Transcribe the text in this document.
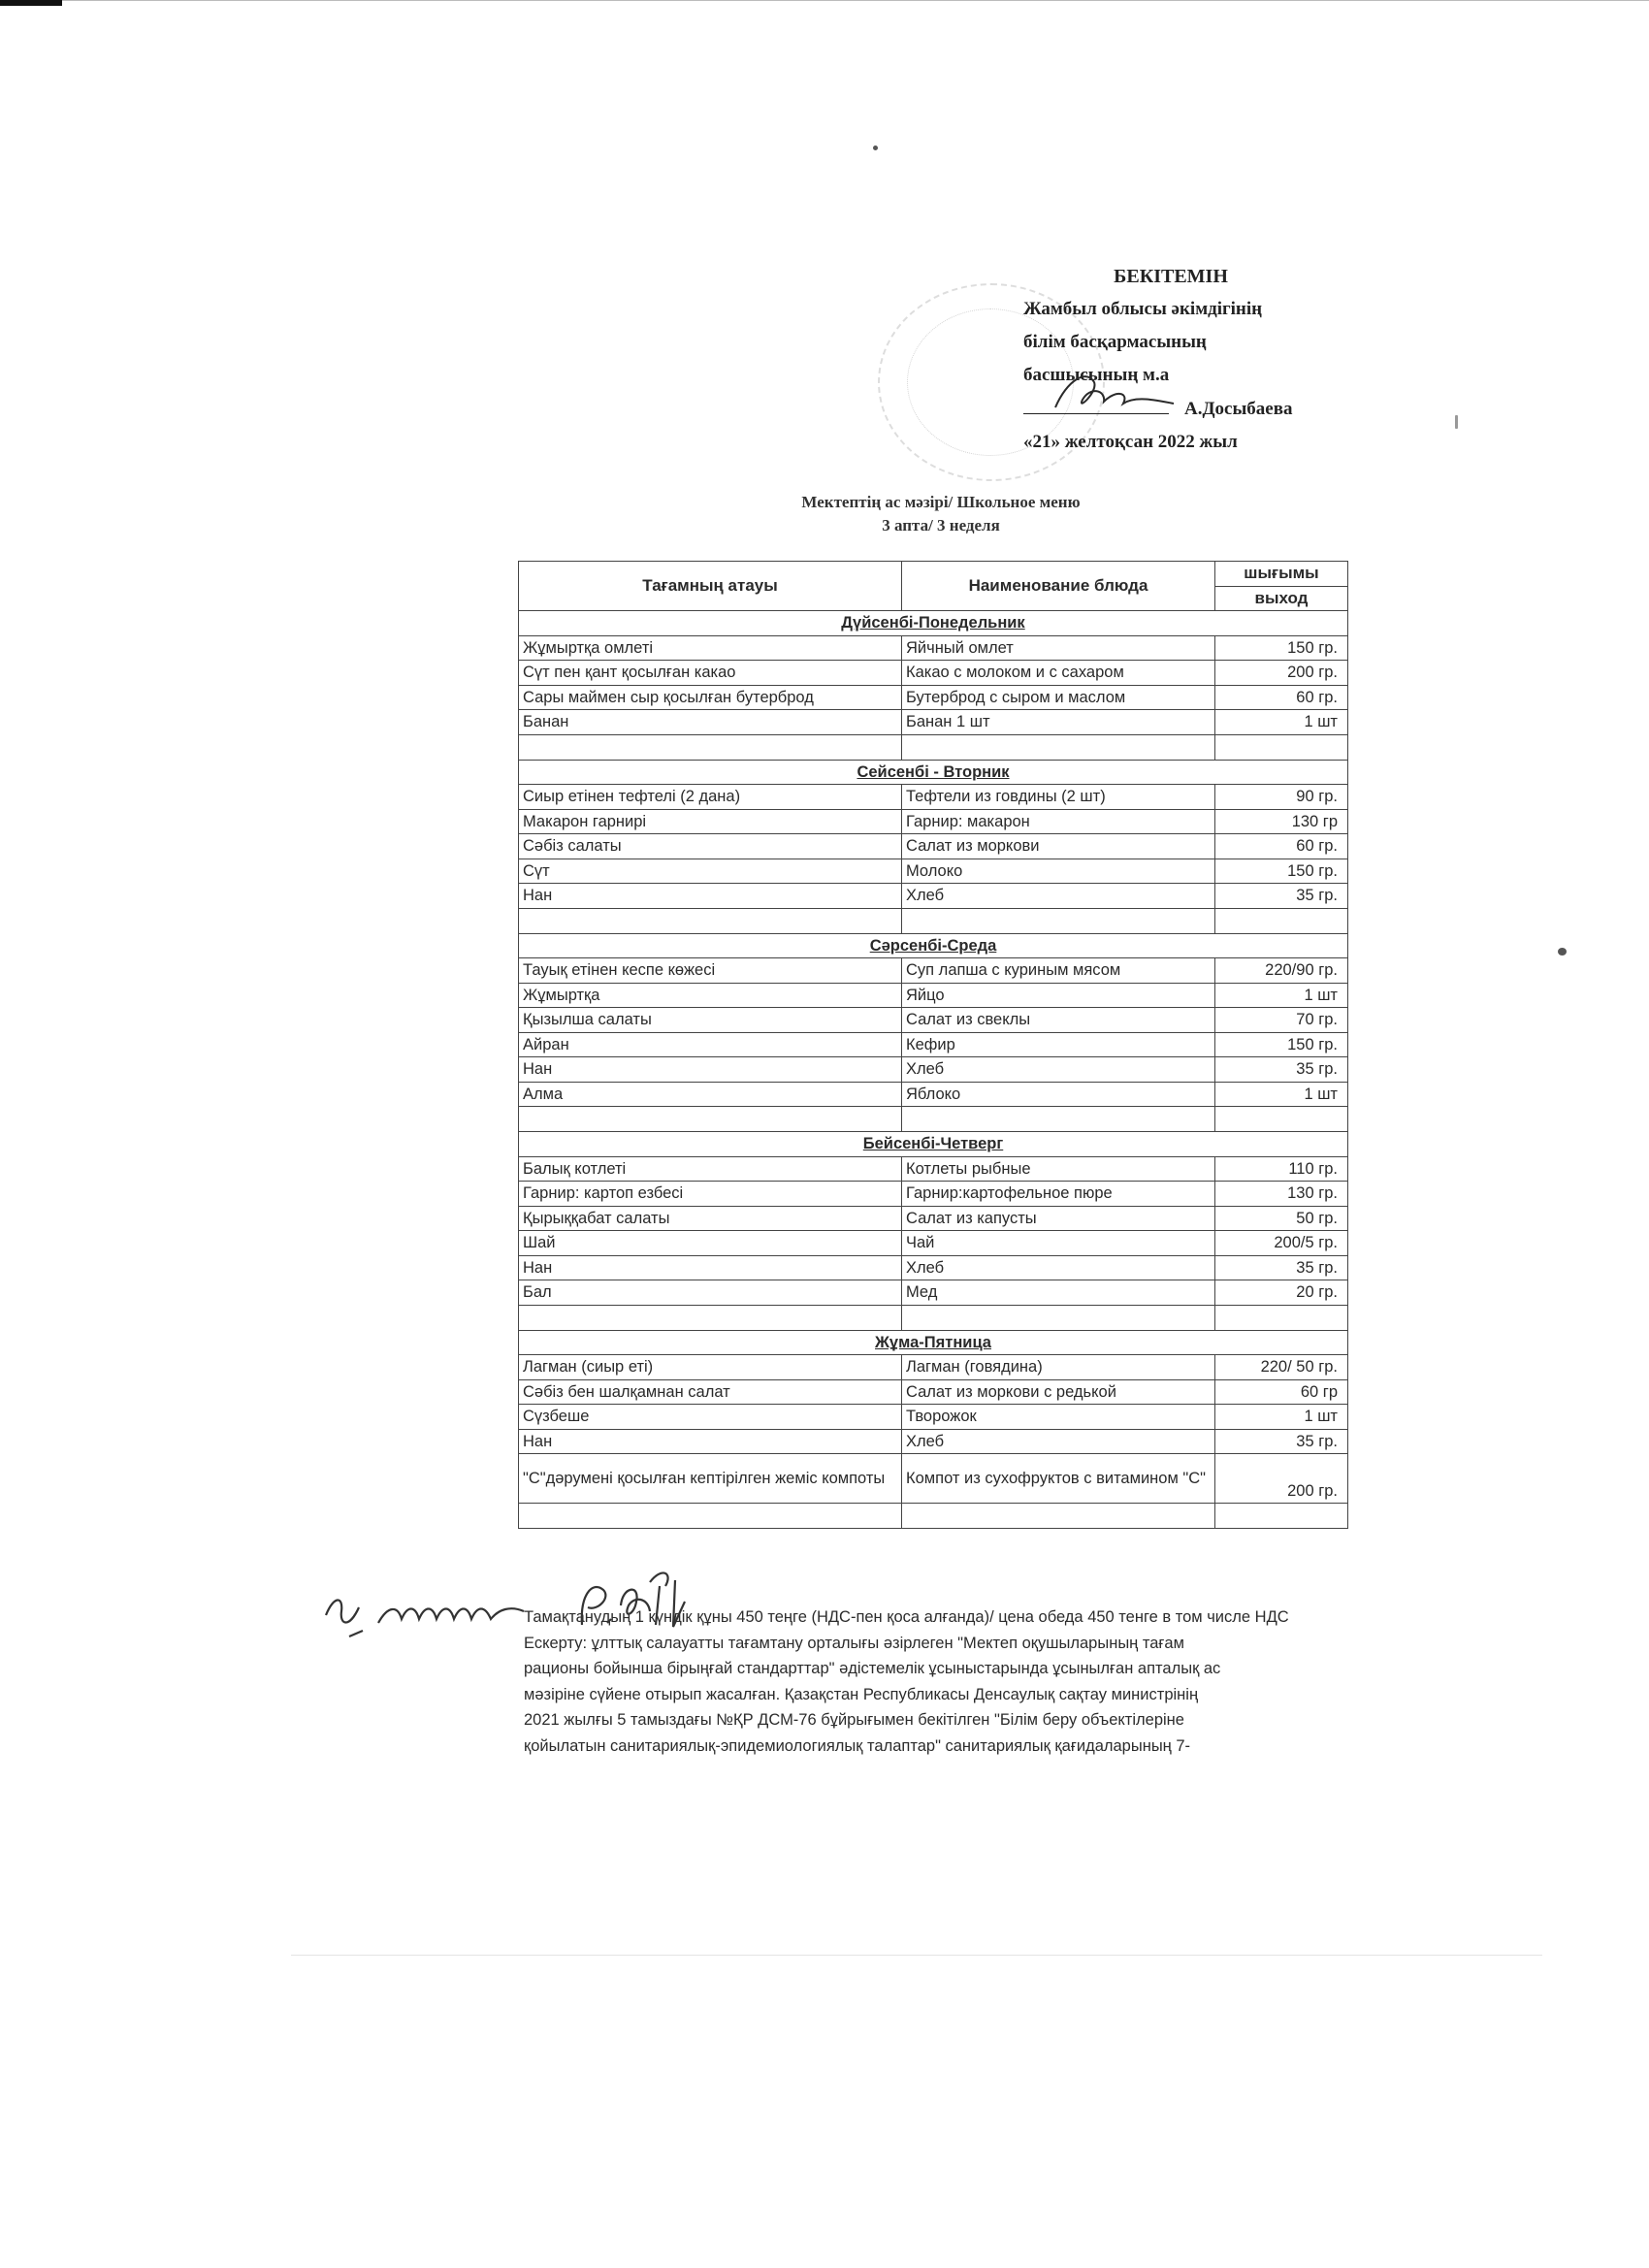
БЕКІТЕМІН
Жамбыл облысы әкімдігінің
білім басқармасының
басшысының м.а
А.Досыбаева
«21» желтоқсан 2022 жыл
Мектептің ас мәзірі/ Школьное меню
3 апта/ 3 неделя
Тағамның атауы	Наименование блюда	шығымы
		выход
Дүйсенбі-Понедельник		
Жұмыртқа омлеті	Яйчный омлет	150 гр.
Сүт пен қант қосылған какао	Какао с молоком и с сахаром	200 гр.
Сары маймен сыр қосылған бутерброд	Бутерброд с сыром и маслом	60 гр.
Банан	Банан 1 шт	1 шт

Сейсенбі - Вторник		
Сиыр етінен тефтелі (2 дана)	Тефтели из говдины (2 шт)	90 гр.
Макарон гарнирі	Гарнир: макарон	130 гр
Сәбіз салаты	Салат из моркови	60 гр.
Сүт	Молоко	150 гр.
Нан	Хлеб	35 гр.

Сәрсенбі-Среда		
Тауық етінен кеспе көжесі	Суп лапша с куриным мясом	220/90 гр.
Жұмыртқа	Яйцо	1 шт
Қызылша салаты	Салат из свеклы	70 гр.
Айран	Кефир	150 гр.
Нан	Хлеб	35 гр.
Алма	Яблоко	1 шт

Бейсенбі-Четверг		
Балық котлеті	Котлеты рыбные	110 гр.
Гарнир: картоп езбесі	Гарнир:картофельное пюре	130 гр.
Қырыққабат салаты	Салат из капусты	50 гр.
Шай	Чай	200/5 гр.
Нан	Хлеб	35 гр.
Бал	Мед	20 гр.

Жұма-Пятница		
Лагман (сиыр еті)	Лагман (говядина)	220/ 50 гр.
Сәбіз бен шалқамнан салат	Салат из моркови с редькой	60 гр
Сүзбеше	Творожок	1 шт
Нан	Хлеб	35 гр.
"С"дәрумені қосылған кептірілген жеміс компоты	Компот из сухофруктов с витамином "С"	200 гр.

Тамақтанудың 1 күндік құны 450 теңге (НДС-пен қоса алғанда)/ цена обеда 450 тенге в том числе НДС

Ескерту: ұлттық салауатты тағамтану орталығы әзірлеген "Мектеп оқушыларының тағам

рационы бойынша бірыңғай стандарттар" әдістемелік ұсыныстарында ұсынылған апталық ас

мәзіріне сүйене отырып жасалған. Қазақстан Республикасы Денсаулық сақтау министрінің

2021 жылғы 5 тамыздағы №ҚР ДСМ-76 бұйрығымен бекітілген "Білім беру объектілеріне

қойылатын санитариялық-эпидемиологиялық талаптар" санитариялық қағидаларының 7-
